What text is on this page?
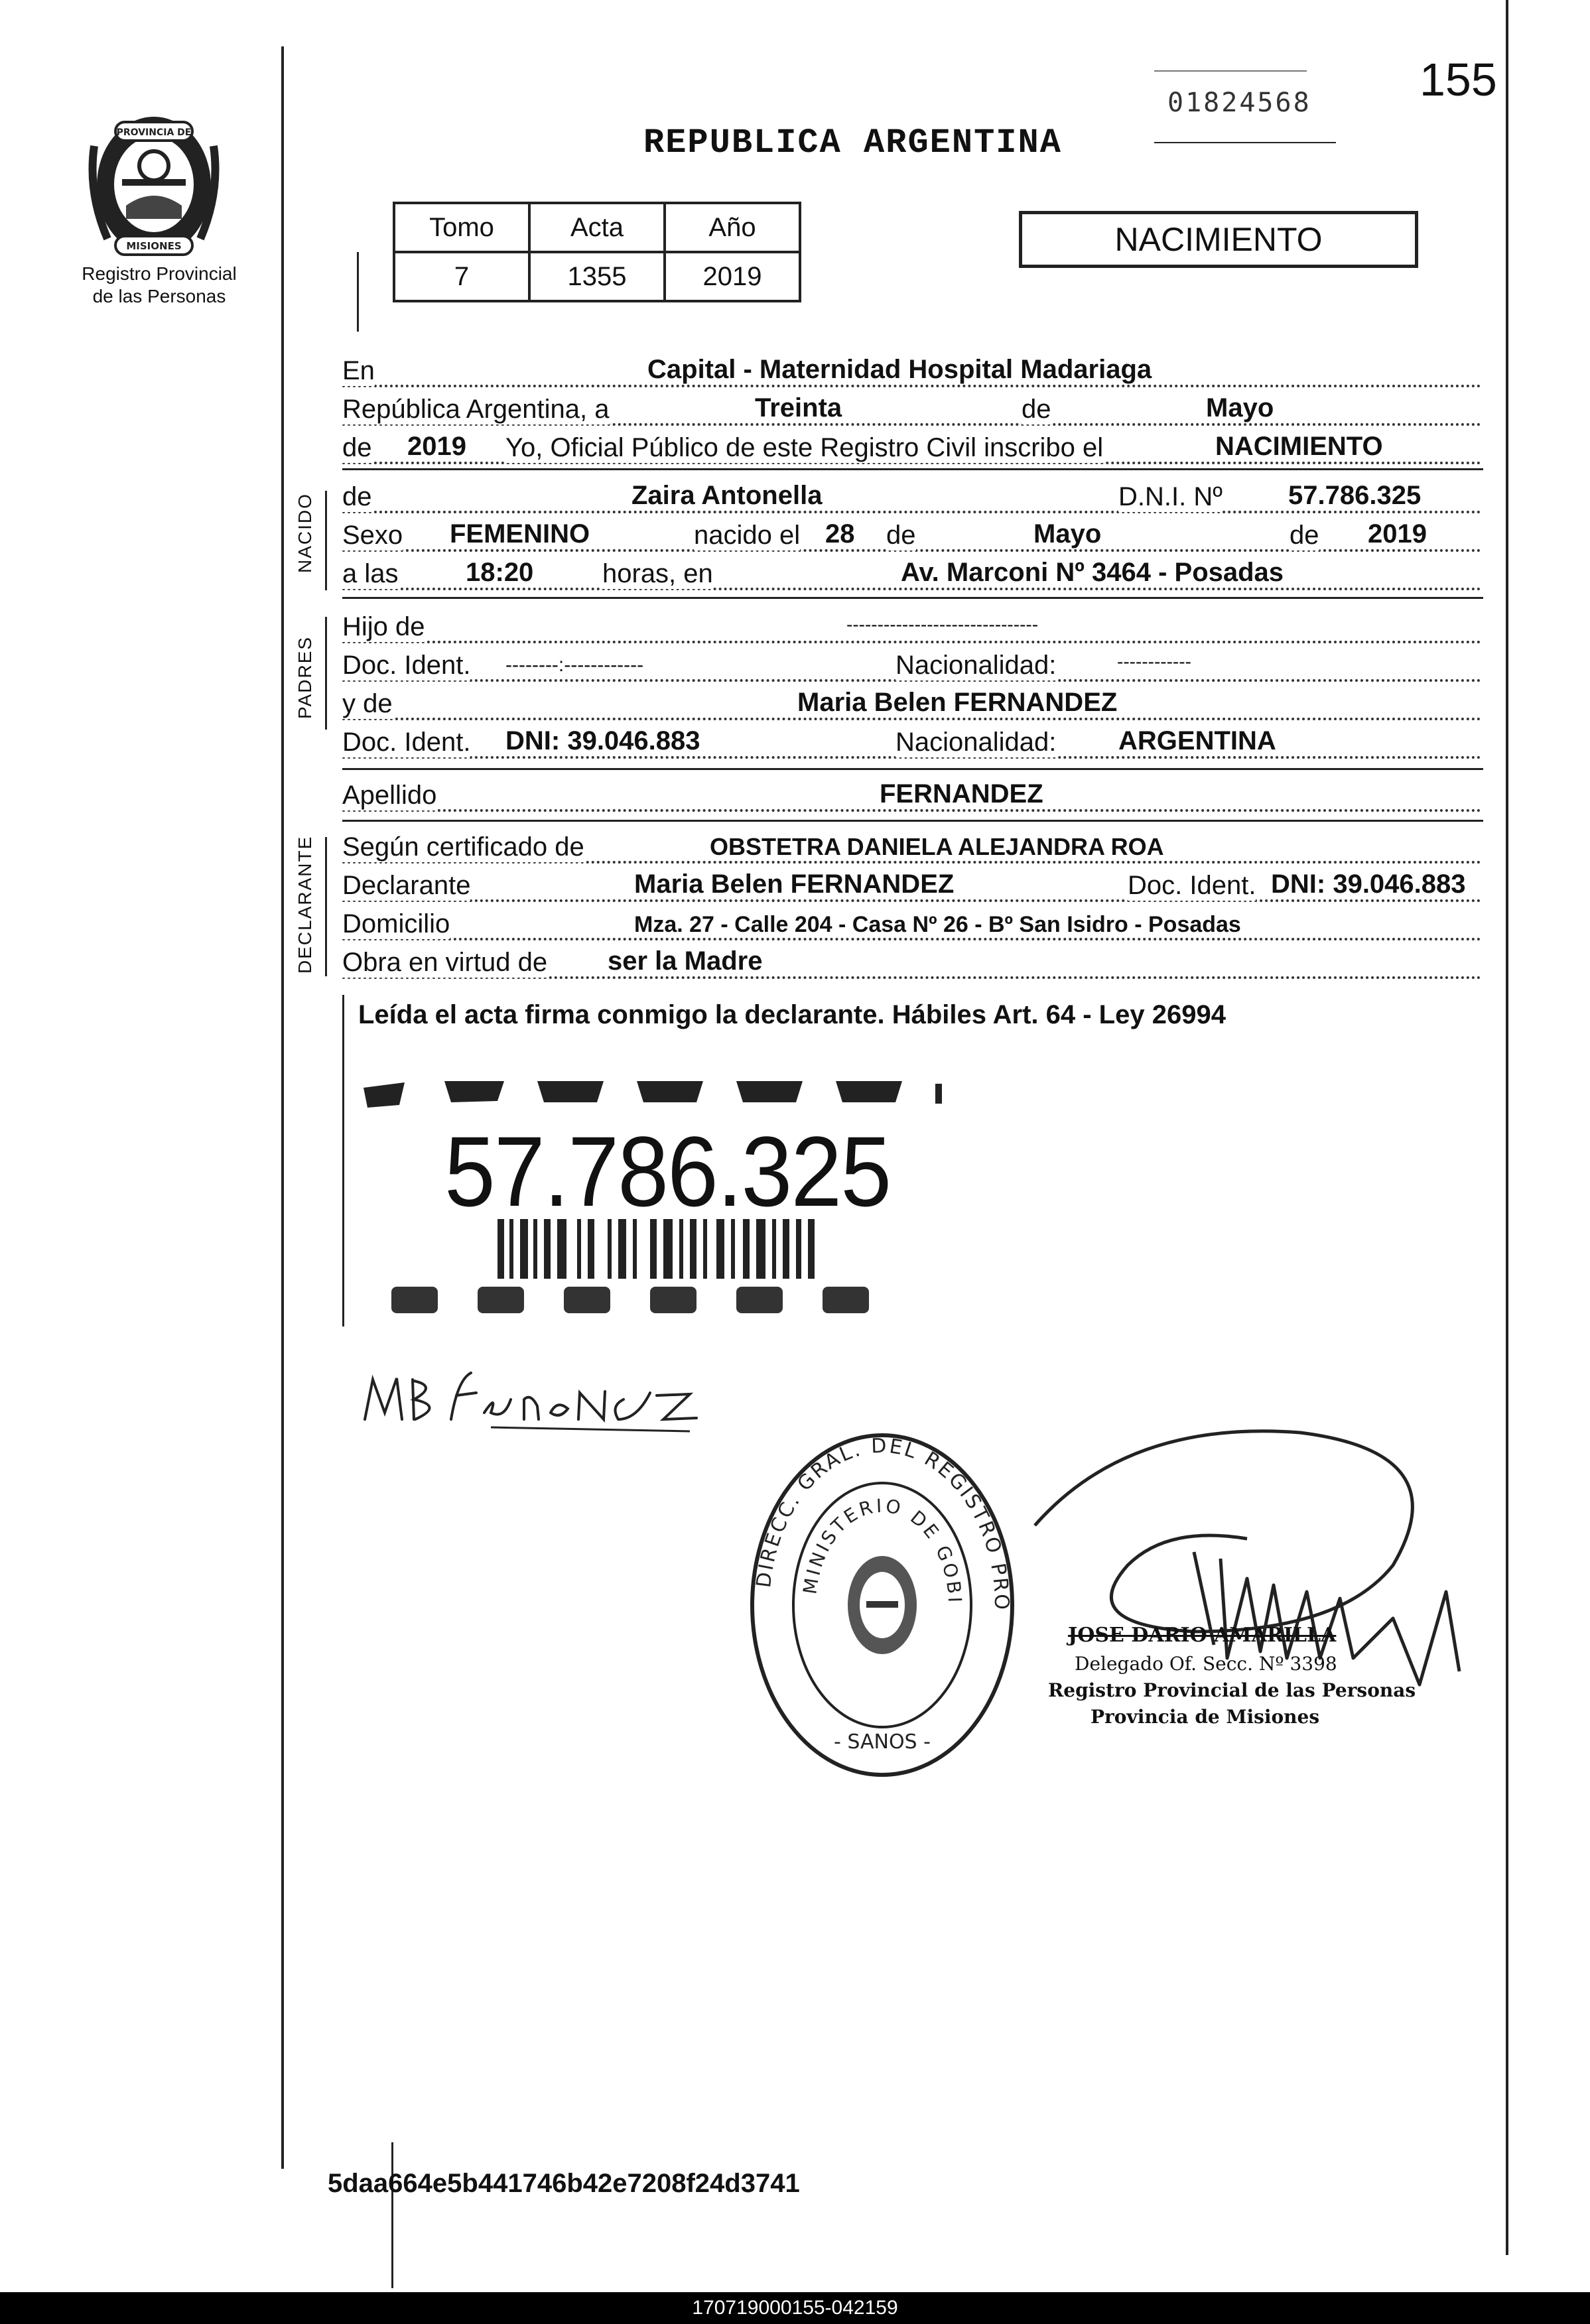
PROVINCIA DE
MISIONES
Registro Provincial
de las Personas
REPUBLICA ARGENTINA
155
01824568
Tomo	Acta	Año
7	1355	2019
NACIMIENTO
En	Capital - Maternidad Hospital Madariaga
República Argentina, a	Treinta	de	Mayo
de 2019 Yo, Oficial Público de este Registro Civil inscribo el	NACIMIENTO
NACIDO de	Zaira Antonella	D.N.I. Nº 57.786.325
Sexo FEMENINO	nacido el 28 de	Mayo	de 2019
a las	18:20	horas, en	Av. Marconi Nº 3464 - Posadas
PADRES
Hijo de	-------------------------------
Doc. Ident. --------:------------	Nacionalidad:	------------
y de	Maria Belen FERNANDEZ
Doc. Ident. DNI: 39.046.883	Nacionalidad: ARGENTINA
Apellido	FERNANDEZ
DECLARANTE Según certificado de	OBSTETRA DANIELA ALEJANDRA ROA
Declarante	Maria Belen FERNANDEZ	Doc. Ident. DNI: 39.046.883
Domicilio	Mza. 27 - Calle 204 - Casa Nº 26 - Bº San Isidro - Posadas
Obra en virtud de ser la Madre
Leída el acta firma conmigo la declarante. Hábiles Art. 64 - Ley 26994
57.786.325
DIRECC. GRAL. DEL REGISTRO PRO
MINISTERIO DE GOBI
- SANOS -
JOSE DARIO AMARILLA
Delegado Of. Secc. Nº 3398
Registro Provincial de las Personas
Provincia de Misiones
5daa664e5b441746b42e7208f24d3741
170719000155-042159
